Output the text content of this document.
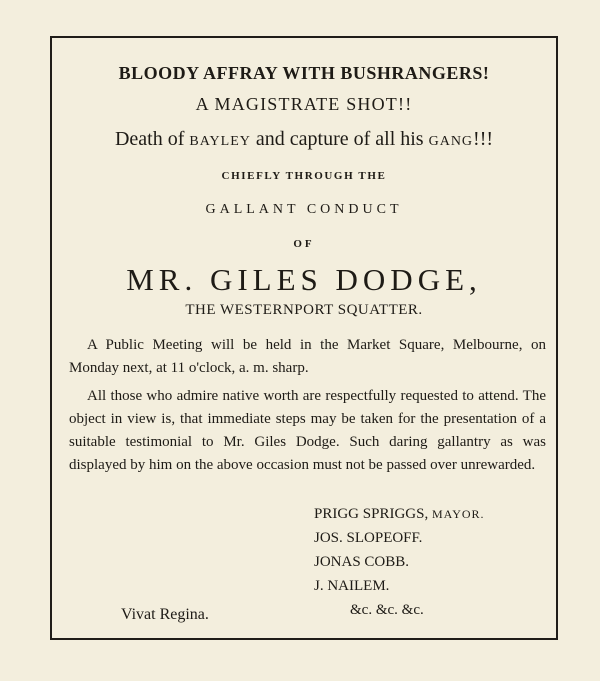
BLOODY AFFRAY WITH BUSHRANGERS!
A MAGISTRATE SHOT!!
Death of BAYLEY and capture of all his GANG!!!
CHIEFLY THROUGH THE
GALLANT CONDUCT
OF
MR. GILES DODGE,
THE WESTERNPORT SQUATTER.
A Public Meeting will be held in the Market Square, Melbourne, on Monday next, at 11 o'clock, a. m. sharp.
All those who admire native worth are respectfully requested to attend. The object in view is, that immediate steps may be taken for the presentation of a suitable testimonial to Mr. Giles Dodge. Such daring gallantry as was displayed by him on the above occasion must not be passed over unrewarded.
PRIGG SPRIGGS, MAYOR.
JOS. SLOPEOFF.
JONAS COBB.
J. NAILEM.
&c. &c. &c.
Vivat Regina.
